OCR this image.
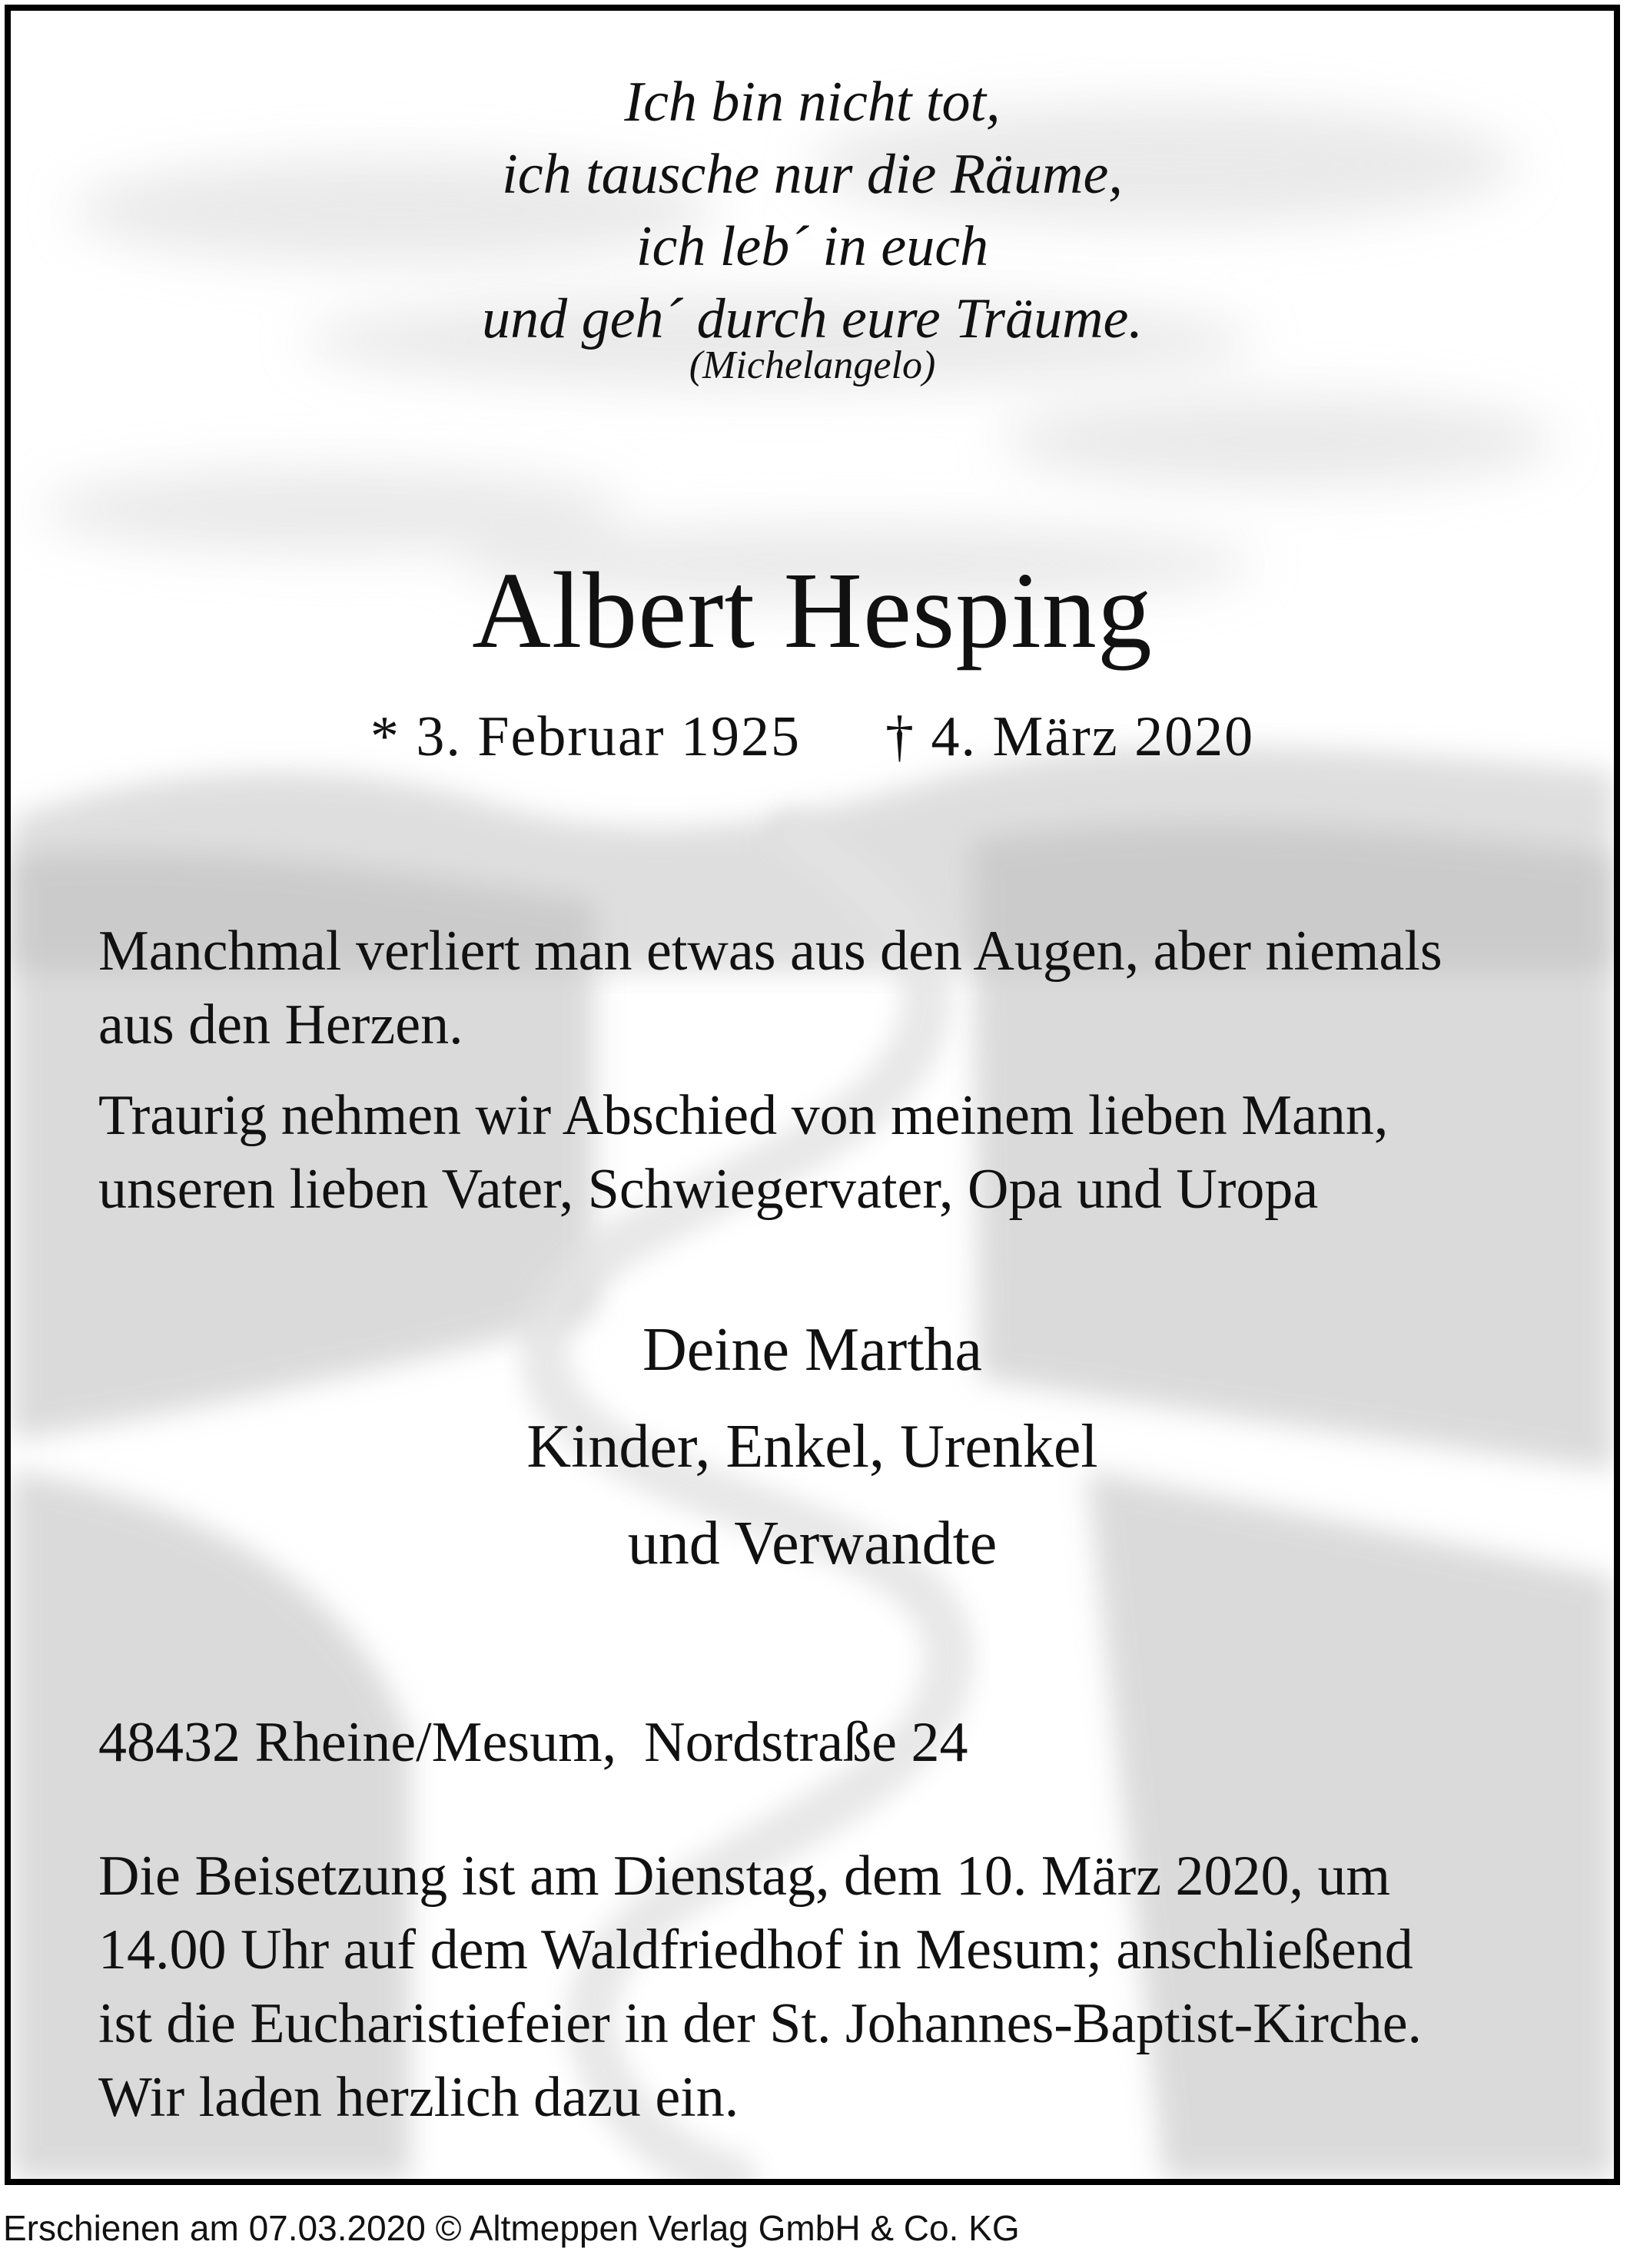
Ich bin nicht tot,
ich tausche nur die Räume,
ich leb´ in euch
und geh´ durch eure Träume.
(Michelangelo)
Albert Hesping
* 3. Februar 1925 † 4. März 2020
Manchmal verliert man etwas aus den Augen, aber niemals
aus den Herzen.
Traurig nehmen wir Abschied von meinem lieben Mann,
unseren lieben Vater, Schwiegervater, Opa und Uropa
Deine Martha
Kinder, Enkel, Urenkel
und Verwandte
48432 Rheine/Mesum, Nordstraße 24
Die Beisetzung ist am Dienstag, dem 10. März 2020, um
14.00 Uhr auf dem Waldfriedhof in Mesum; anschließend
ist die Eucharistiefeier in der St. Johannes-Baptist-Kirche.
Wir laden herzlich dazu ein.
Erschienen am 07.03.2020 © Altmeppen Verlag GmbH & Co. KG
